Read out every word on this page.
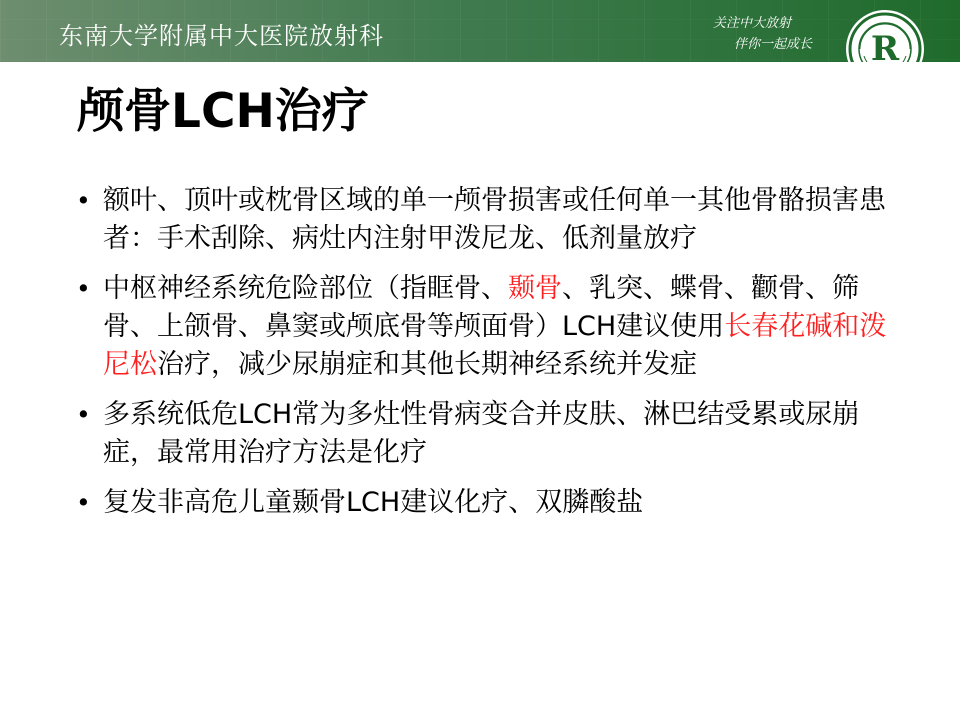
东南大学附属中大医院放射科	关注中大放射
伴你一起成长	R
颅骨LCH治疗
• 额叶、顶叶或枕骨区域的单一颅骨损害或任何单一其他骨骼损害患者：手术刮除、病灶内注射甲泼尼龙、低剂量放疗
• 中枢神经系统危险部位（指眶骨、颞骨、乳突、蝶骨、颧骨、筛骨、上颌骨、鼻窦或颅底骨等颅面骨）LCH建议使用长春花碱和泼尼松治疗，减少尿崩症和其他长期神经系统并发症
• 多系统低危LCH常为多灶性骨病变合并皮肤、淋巴结受累或尿崩症，最常用治疗方法是化疗
• 复发非高危儿童颞骨LCH建议化疗、双膦酸盐
